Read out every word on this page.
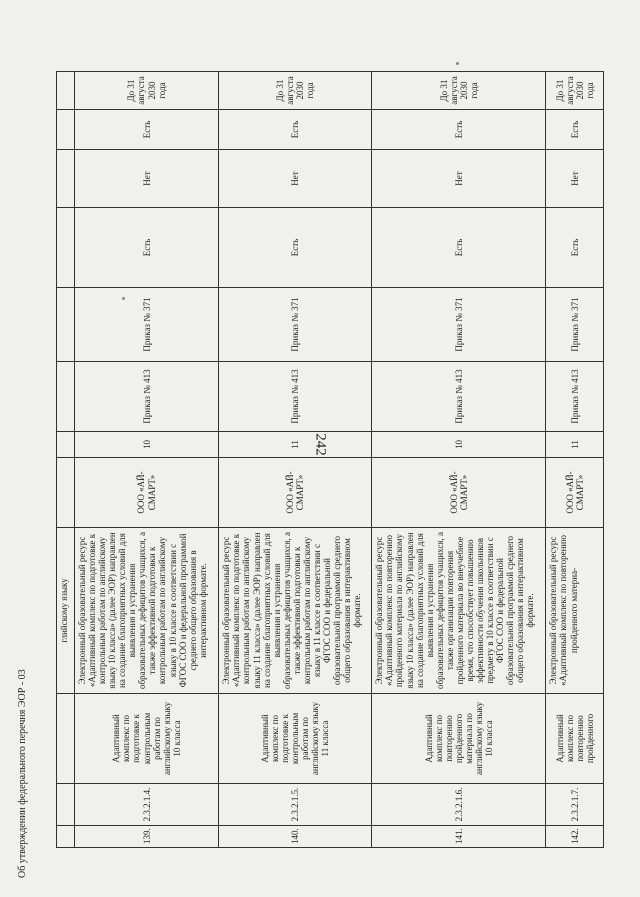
242
			глийскому языку								
139.	2.3.2.1.4.	Адаптивный комплекс по подготовке к контрольным работам по английскому языку 10 класса	Электронный образовательный ресурс «Адаптивный комплекс по подготовке к контрольным работам по английскому языку 10 класса» (далее ЭОР) направлен на создание благоприятных условий для выявления и устранения образовательных дефицитов учащихся, а также эффективной подготовки к контрольным работам по английскому языку в 10 классе в соответствии с ФГОС СОО и федеральной программой среднего общего образования в интерактивном формате.	ООО «АЙ-СМАРТ»	10	Приказ № 413	Приказ № 371	Есть	Нет	Есть	До 31 августа 2030 года
140.	2.3.2.1.5.	Адаптивный комплекс по подготовке к контрольным работам по английскому языку 11 класса	Электронный образовательный ресурс «Адаптивный комплекс по подготовке к контрольным работам по английскому языку 11 класса» (далее ЭОР) направлен на создание благоприятных условий для выявления и устранения образовательных дефицитов учащихся, а также эффективной подготовки к контрольным работам по английскому языку в 11 классе в соответствии с ФГОС СОО и федеральной образовательной программой среднего общего образования в интерактивном формате.	ООО «АЙ-СМАРТ»	11	Приказ № 413	Приказ № 371	Есть	Нет	Есть	До 31 августа 2030 года
141.	2.3.2.1.6.	Адаптивный комплекс по повторению пройденного материала по английскому языку 10 класса	Электронный образовательный ресурс «Адаптивный комплекс по повторению пройденного материала по английскому языку 10 класса» (далее ЭОР) направлен на создание благоприятных условий для выявления и устранения образовательных дефицитов учащихся, а также организации повторения пройденного материала во внеучебное время, что способствует повышению эффективности обучения школьников предмету в 10 классе в соответствии с ФГОС СОО и федеральной образовательной программой среднего общего образования в интерактивном формате.	ООО «АЙ-СМАРТ»	10	Приказ № 413	Приказ № 371	Есть	Нет	Есть	До 31 августа 2030 года
142.	2.3.2.1.7.	Адаптивный комплекс по повторению пройденного	Электронный образовательный ресурс «Адаптивный комплекс по повторению пройденного материа-	ООО «АЙ-СМАРТ»	11	Приказ № 413	Приказ № 371	Есть	Нет	Есть	До 31 августа 2030 года
Об утверждении федерального перечня ЭОР - 03
